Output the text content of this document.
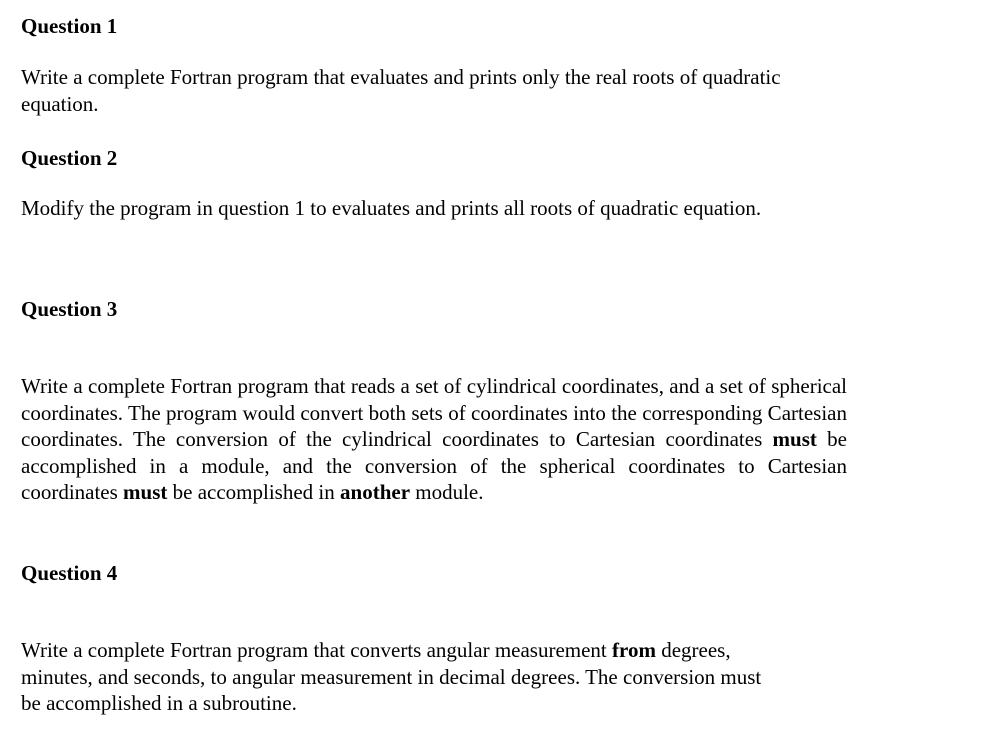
Question 1

Write a complete Fortran program that evaluates and prints only the real roots of quadratic
equation.

Question 2

Modify the program in question 1 to evaluates and prints all roots of quadratic equation.

Question 3

Write a complete Fortran program that reads a set of cylindrical coordinates, and a set of spherical coordinates. The program would convert both sets of coordinates into the corresponding Cartesian coordinates. The conversion of the cylindrical coordinates to Cartesian coordinates must be accomplished in a module, and the conversion of the spherical coordinates to Cartesian coordinates must be accomplished in another module.

Question 4

Write a complete Fortran program that converts angular measurement from degrees,
minutes, and seconds, to angular measurement in decimal degrees. The conversion must
be accomplished in a subroutine.
